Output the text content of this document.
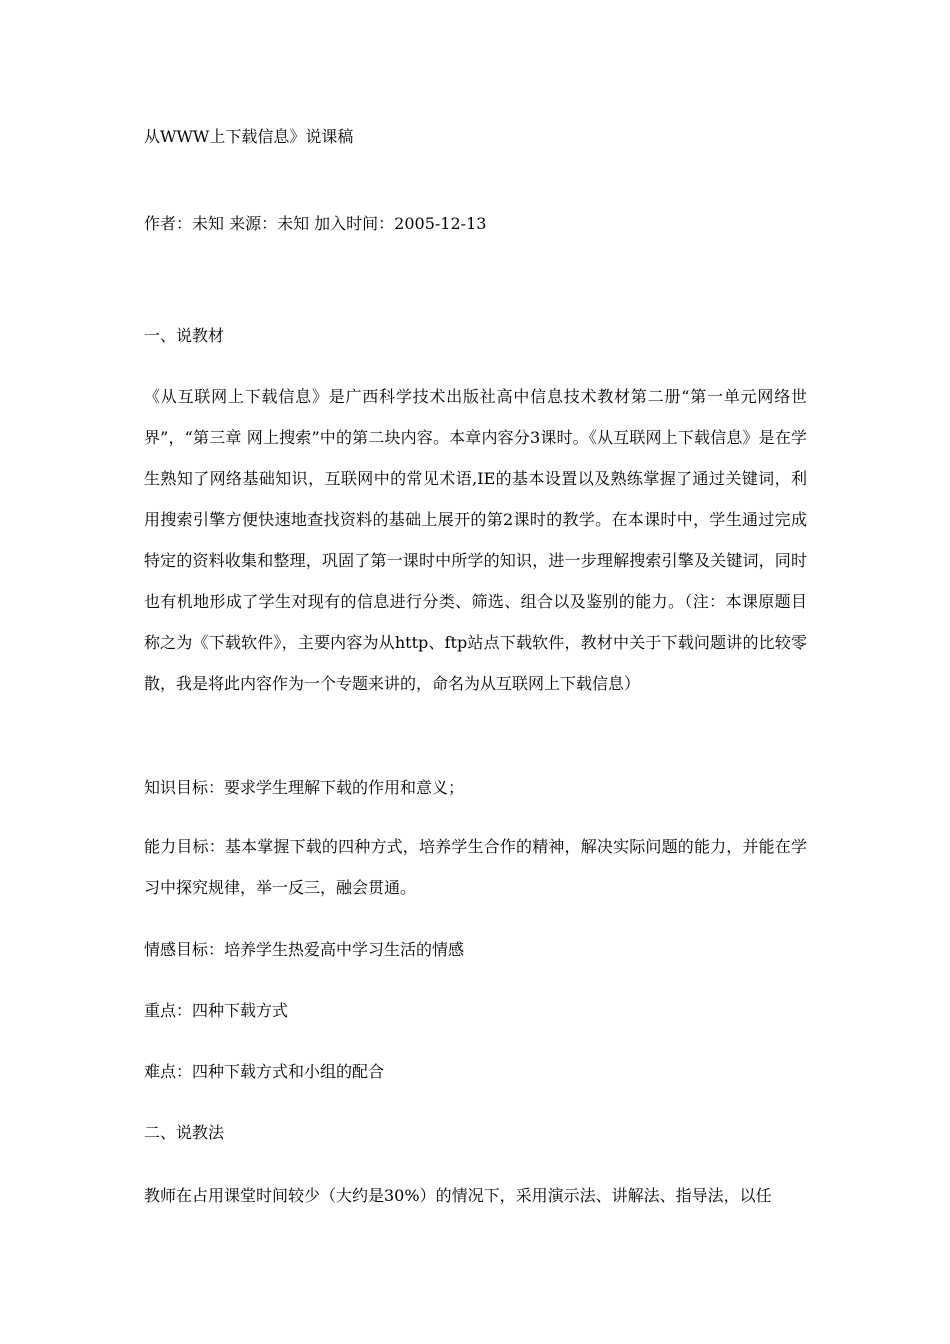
从WWW上下载信息》说课稿
作者：未知 来源：未知 加入时间：2005-12-13
一、说教材
《从互联网上下载信息》是广西科学技术出版社高中信息技术教材第二册“第一单元网络世界”，“第三章 网上搜索”中的第二块内容。本章内容分3课时。《从互联网上下载信息》是在学生熟知了网络基础知识，互联网中的常见术语,IE的基本设置以及熟练掌握了通过关键词，利用搜索引擎方便快速地查找资料的基础上展开的第2课时的教学。在本课时中，学生通过完成特定的资料收集和整理，巩固了第一课时中所学的知识，进一步理解搜索引擎及关键词，同时也有机地形成了学生对现有的信息进行分类、筛选、组合以及鉴别的能力。（注：本课原题目称之为《下载软件》，主要内容为从http、ftp站点下载软件，教材中关于下载问题讲的比较零散，我是将此内容作为一个专题来讲的，命名为从互联网上下载信息）
知识目标：要求学生理解下载的作用和意义；
能力目标：基本掌握下载的四种方式，培养学生合作的精神，解决实际问题的能力，并能在学习中探究规律，举一反三，融会贯通。
情感目标：培养学生热爱高中学习生活的情感
重点：四种下载方式
难点：四种下载方式和小组的配合
二、说教法
教师在占用课堂时间较少（大约是30%）的情况下，采用演示法、讲解法、指导法，以任
